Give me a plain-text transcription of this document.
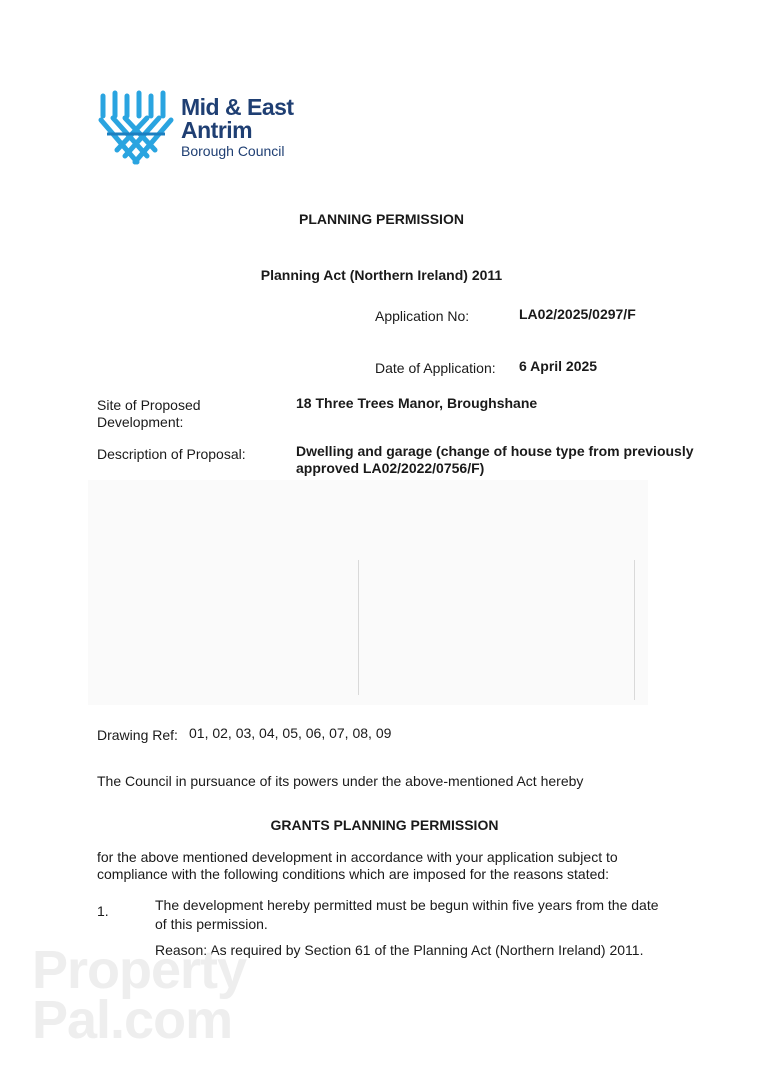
Mid & East
Antrim
Borough Council
PLANNING PERMISSION
Planning Act (Northern Ireland) 2011
Application No:	LA02/2025/0297/F
Date of Application: 6 April 2025
Site of Proposed
Development:
18 Three Trees Manor, Broughshane
Description of Proposal:	Dwelling and garage (change of house type from previously
approved LA02/2022/0756/F)
Drawing Ref: 01, 02, 03, 04, 05, 06, 07, 08, 09
The Council in pursuance of its powers under the above-mentioned Act hereby
GRANTS PLANNING PERMISSION
for the above mentioned development in accordance with your application subject to
compliance with the following conditions which are imposed for the reasons stated:
1.	The development hereby permitted must be begun within five years from the date
of this permission.
Reason: As required by Section 61 of the Planning Act (Northern Ireland) 2011.
Property
Pal.com
